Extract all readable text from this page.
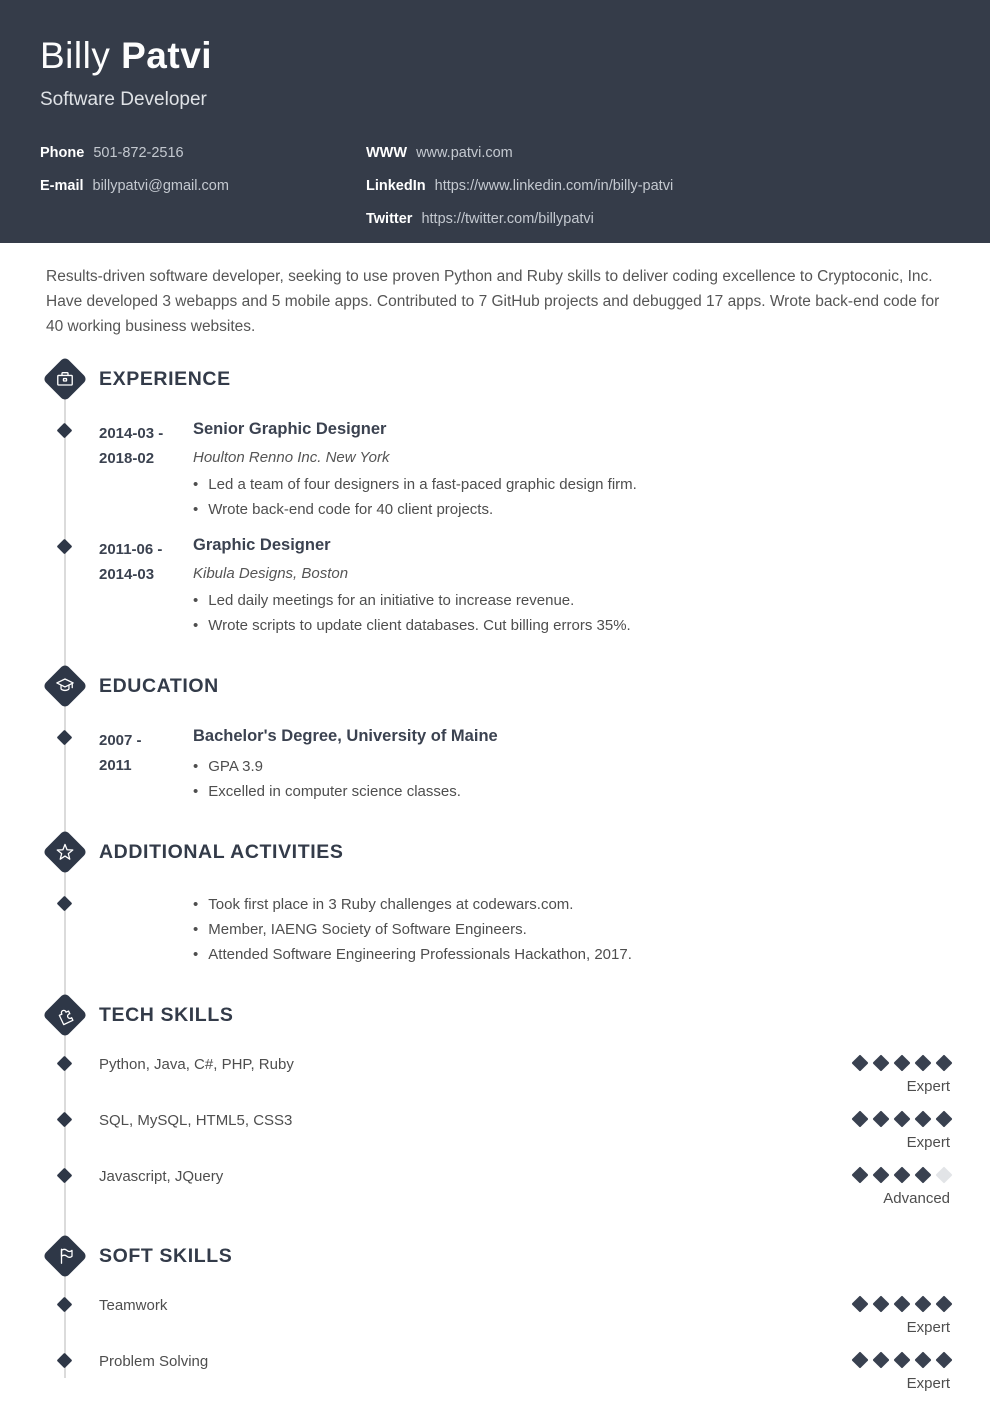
Billy Patvi
Software Developer
Phone 501-872-2516
E-mail billypatvi@gmail.com
WWW www.patvi.com
LinkedIn https://www.linkedin.com/in/billy-patvi
Twitter https://twitter.com/billypatvi

Results-driven software developer, seeking to use proven Python and Ruby skills to deliver coding excellence to Cryptoconic, Inc. Have developed 3 webapps and 5 mobile apps. Contributed to 7 GitHub projects and debugged 17 apps. Wrote back-end code for 40 working business websites.

EXPERIENCE
2014-03 -
2018-02
Senior Graphic Designer
Houlton Renno Inc. New York
• Led a team of four designers in a fast-paced graphic design firm.
• Wrote back-end code for 40 client projects.
2011-06 -
2014-03
Graphic Designer
Kibula Designs, Boston
• Led daily meetings for an initiative to increase revenue.
• Wrote scripts to update client databases. Cut billing errors 35%.
EDUCATION
2007 -
2011
Bachelor's Degree, University of Maine
• GPA 3.9
• Excelled in computer science classes.
ADDITIONAL ACTIVITIES
• Took first place in 3 Ruby challenges at codewars.com.
• Member, IAENG Society of Software Engineers.
• Attended Software Engineering Professionals Hackathon, 2017.
TECH SKILLS
Python, Java, C#, PHP, Ruby
Expert
SQL, MySQL, HTML5, CSS3
Expert
Javascript, JQuery
Advanced
SOFT SKILLS
Teamwork
Expert
Problem Solving
Expert
